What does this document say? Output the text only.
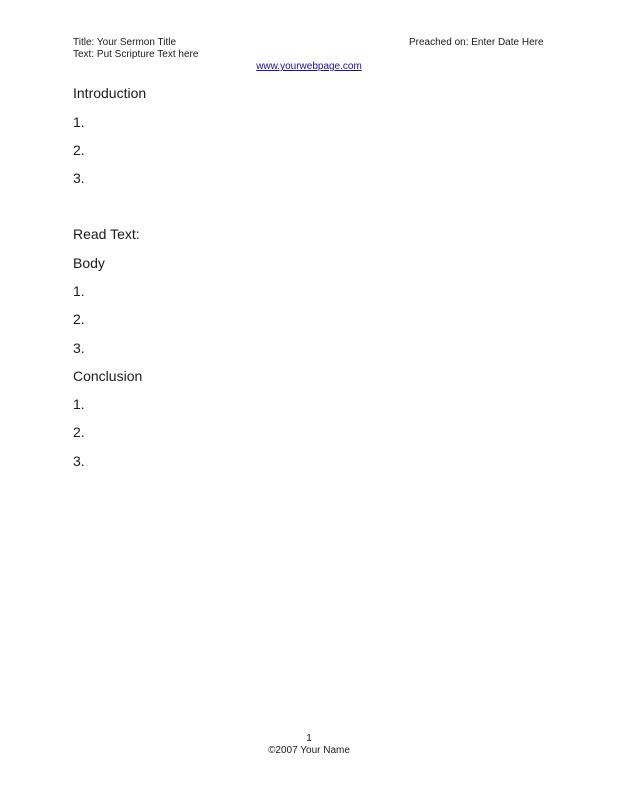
Title: Your Sermon Title
Text: Put Scripture Text here
Preached on: Enter Date Here
www.yourwebpage.com
Introduction
1.
2.
3.
Read Text:
Body
1.
2.
3.
Conclusion
1.
2.
3.
1
©2007 Your Name
